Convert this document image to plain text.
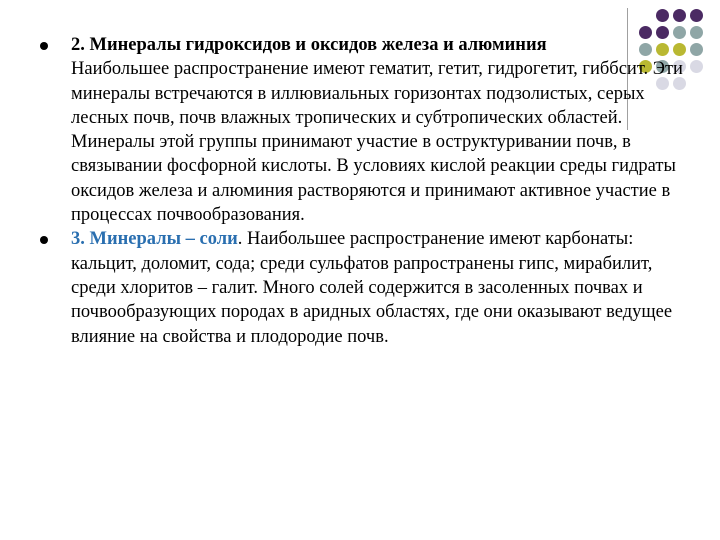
2. Минералы гидроксидов и оксидов железа и алюминия
Наибольшее распространение имеют гематит, гетит, гидрогетит, гиббсит. Эти минералы встречаются в иллювиальных горизонтах подзолистых, серых лесных почв, почв влажных тропических и субтропических областей. Минералы этой группы принимают участие в оструктуривании почв, в связывании фосфорной кислоты. В условиях кислой реакции среды гидраты оксидов железа и алюминия растворяются и принимают активное участие в процессах почвообразования.
3. Минералы – соли. Наибольшее распространение имеют карбонаты: кальцит, доломит, сода; среди сульфатов рапространены гипс, мирабилит, среди хлоритов – галит. Много солей содержится в засоленных почвах и почвообразующих породах в аридных областях, где они оказывают ведущее влияние на свойства и плодородие почв.
